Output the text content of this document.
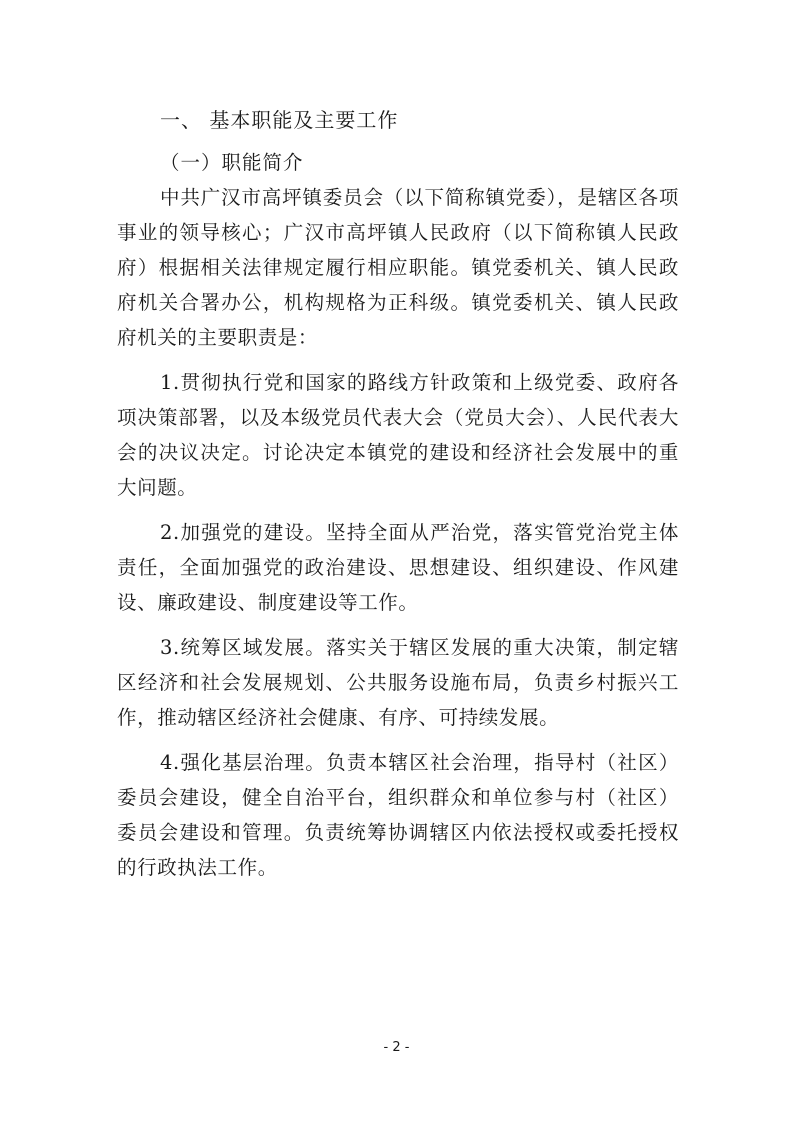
一、 基本职能及主要工作
（一）职能简介

中共广汉市高坪镇委员会（以下简称镇党委），是辖区各项事业的领导核心；广汉市高坪镇人民政府（以下简称镇人民政府）根据相关法律规定履行相应职能。镇党委机关、镇人民政府机关合署办公，机构规格为正科级。镇党委机关、镇人民政府机关的主要职责是：

1.贯彻执行党和国家的路线方针政策和上级党委、政府各项决策部署，以及本级党员代表大会（党员大会）、人民代表大会的决议决定。讨论决定本镇党的建设和经济社会发展中的重大问题。

2.加强党的建设。坚持全面从严治党，落实管党治党主体责任，全面加强党的政治建设、思想建设、组织建设、作风建设、廉政建设、制度建设等工作。

3.统筹区域发展。落实关于辖区发展的重大决策，制定辖区经济和社会发展规划、公共服务设施布局，负责乡村振兴工作，推动辖区经济社会健康、有序、可持续发展。

4.强化基层治理。负责本辖区社会治理，指导村（社区）委员会建设，健全自治平台，组织群众和单位参与村（社区）委员会建设和管理。负责统筹协调辖区内依法授权或委托授权的行政执法工作。

- 2 -
